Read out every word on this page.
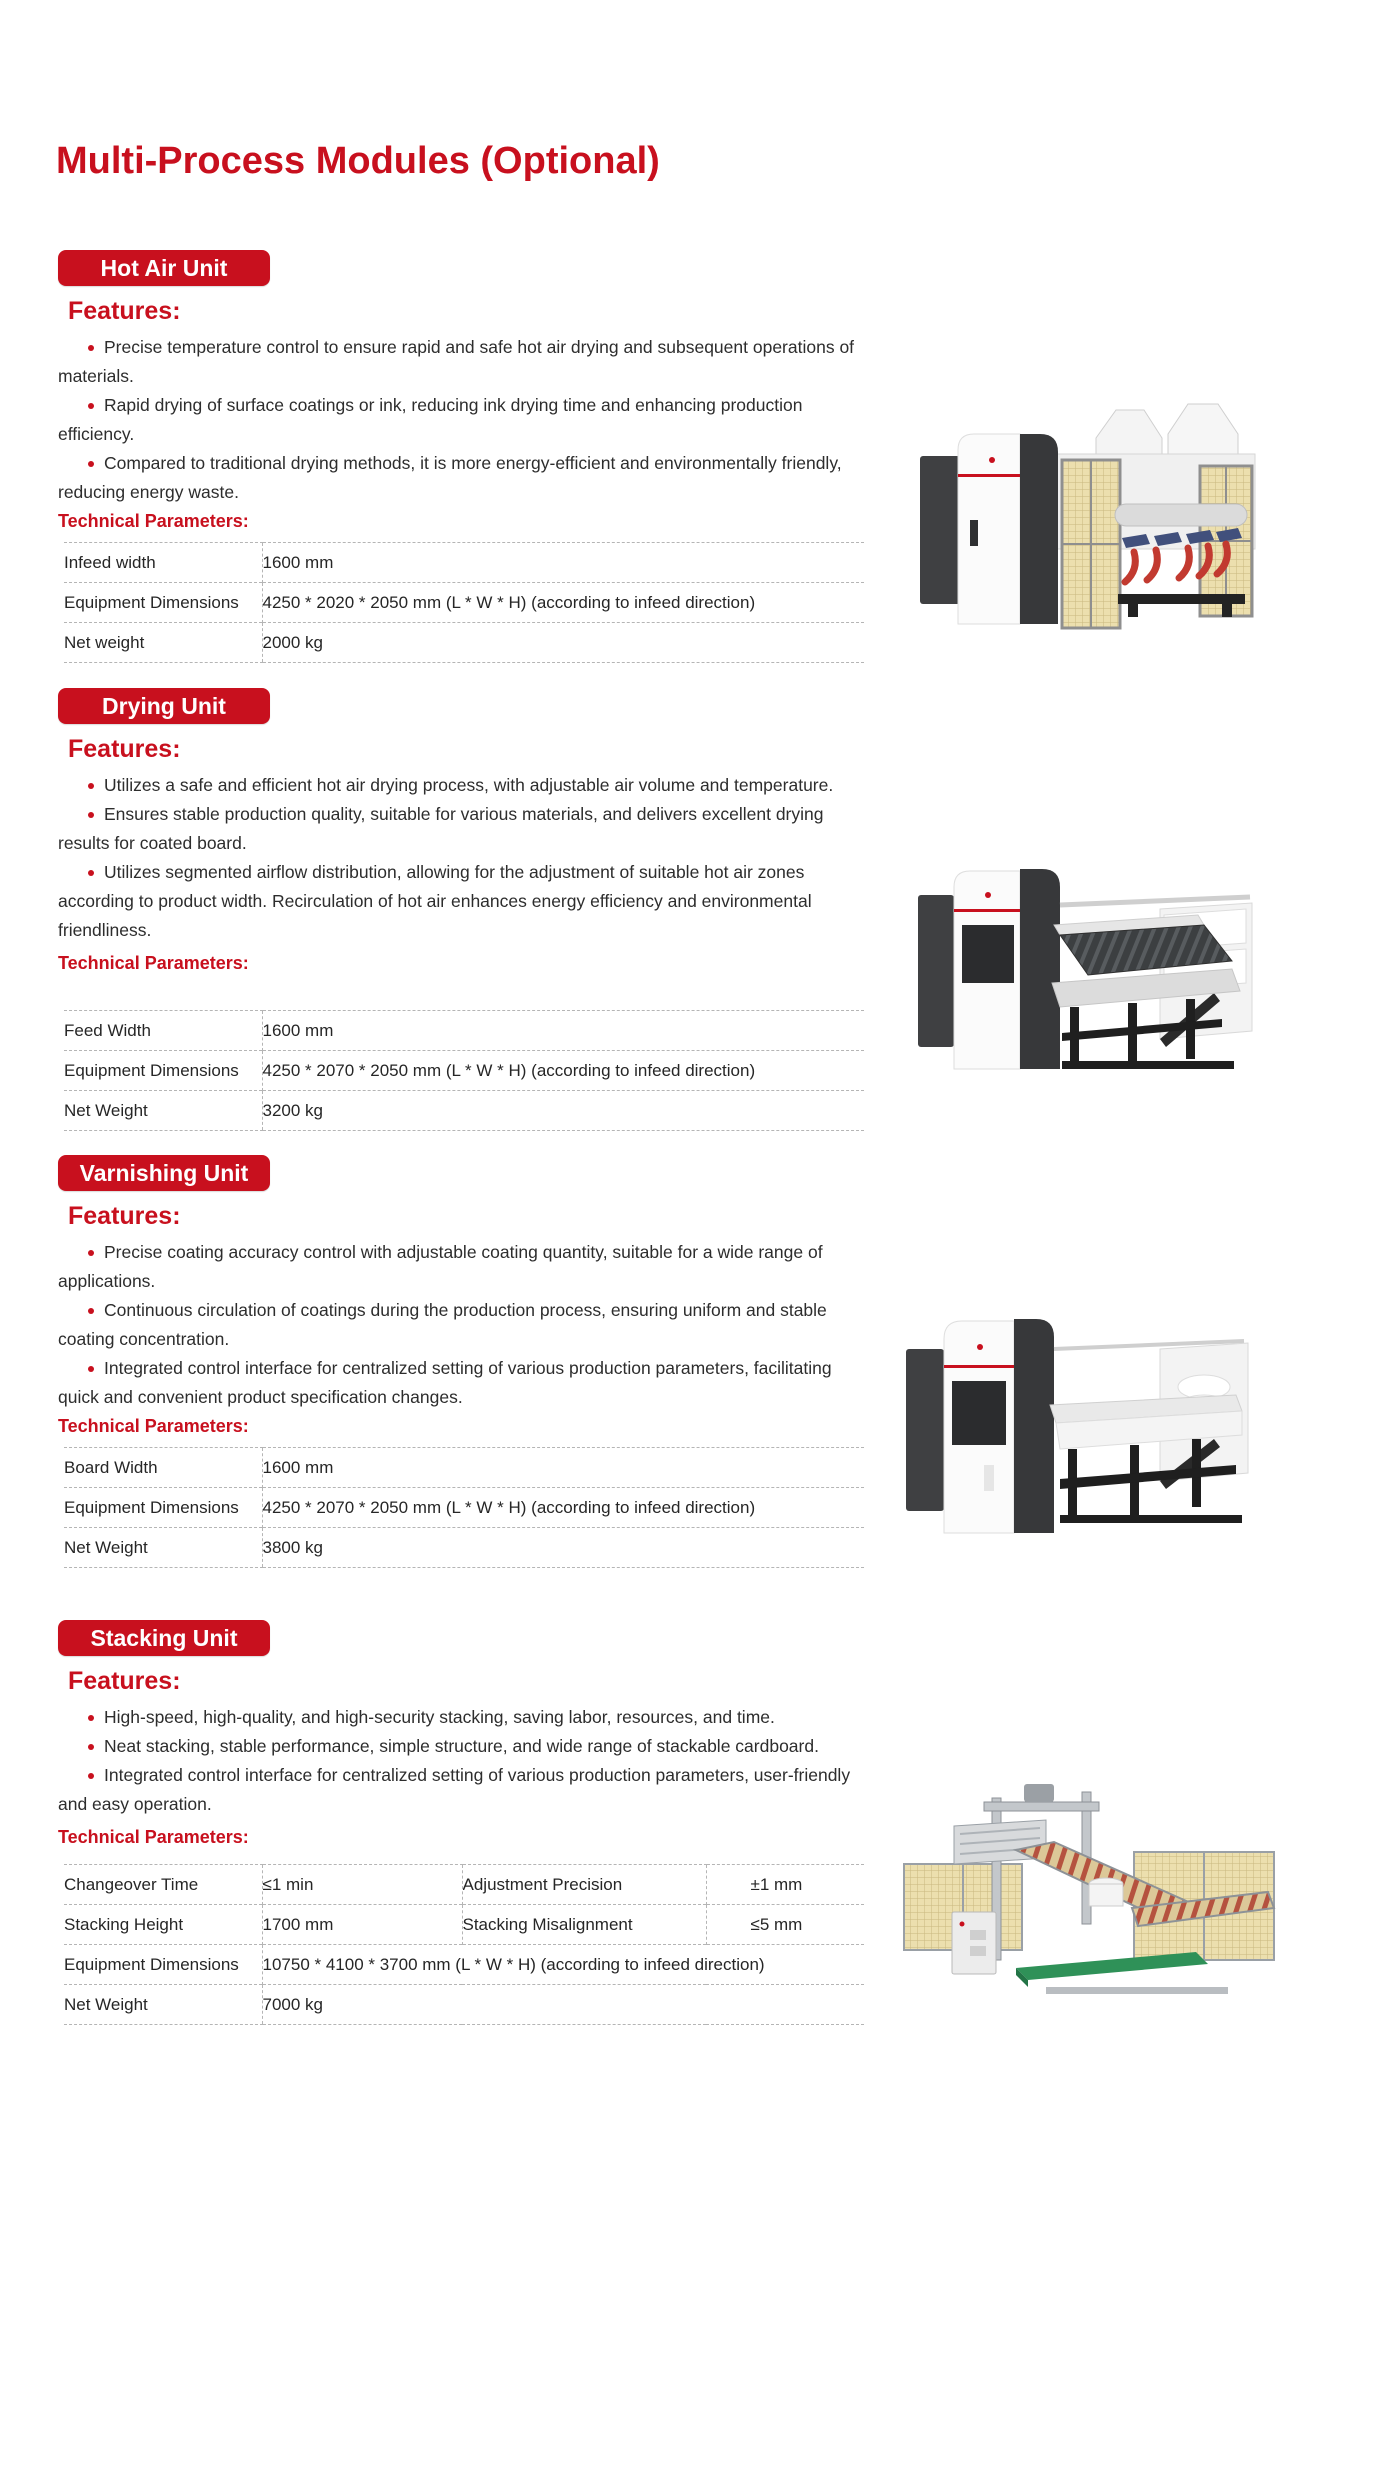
Multi-Process Modules (Optional)
Hot Air Unit
Features:

Precise temperature control to ensure rapid and safe hot air drying and subsequent operations of materials.

Rapid drying of surface coatings or ink, reducing ink drying time and enhancing production efficiency.

Compared to traditional drying methods, it is more energy-efficient and environmentally friendly, reducing energy waste.

Technical Parameters:
Infeed width	1600 mm
Equipment Dimensions	4250 * 2020 * 2050 mm (L * W * H) (according to infeed direction)
Net weight	2000 kg
Drying Unit
Features:

Utilizes a safe and efficient hot air drying process, with adjustable air volume and temperature.

Ensures stable production quality, suitable for various materials, and delivers excellent drying results for coated board.

Utilizes segmented airflow distribution, allowing for the adjustment of suitable hot air zones according to product width. Recirculation of hot air enhances energy efficiency and environmental friendliness.

Technical Parameters:
Feed Width	1600 mm
Equipment Dimensions	4250 * 2070 * 2050 mm (L * W * H) (according to infeed direction)
Net Weight	3200 kg
Varnishing Unit
Features:

Precise coating accuracy control with adjustable coating quantity, suitable for a wide range of applications.

Continuous circulation of coatings during the production process, ensuring uniform and stable coating concentration.

Integrated control interface for centralized setting of various production parameters, facilitating quick and convenient product specification changes.

Technical Parameters:
Board Width	1600 mm
Equipment Dimensions	4250 * 2070 * 2050 mm (L * W * H) (according to infeed direction)
Net Weight	3800 kg
Stacking Unit
Features:

High-speed, high-quality, and high-security stacking, saving labor, resources, and time.

Neat stacking, stable performance, simple structure, and wide range of stackable cardboard.

Integrated control interface for centralized setting of various production parameters, user-friendly and easy operation.

Technical Parameters:
Changeover Time	≤1 min	Adjustment Precision	±1 mm
Stacking Height	1700 mm	Stacking Misalignment	≤5 mm
Equipment Dimensions	10750 * 4100 * 3700 mm (L * W * H) (according to infeed direction)		
Net Weight	7000 kg		
